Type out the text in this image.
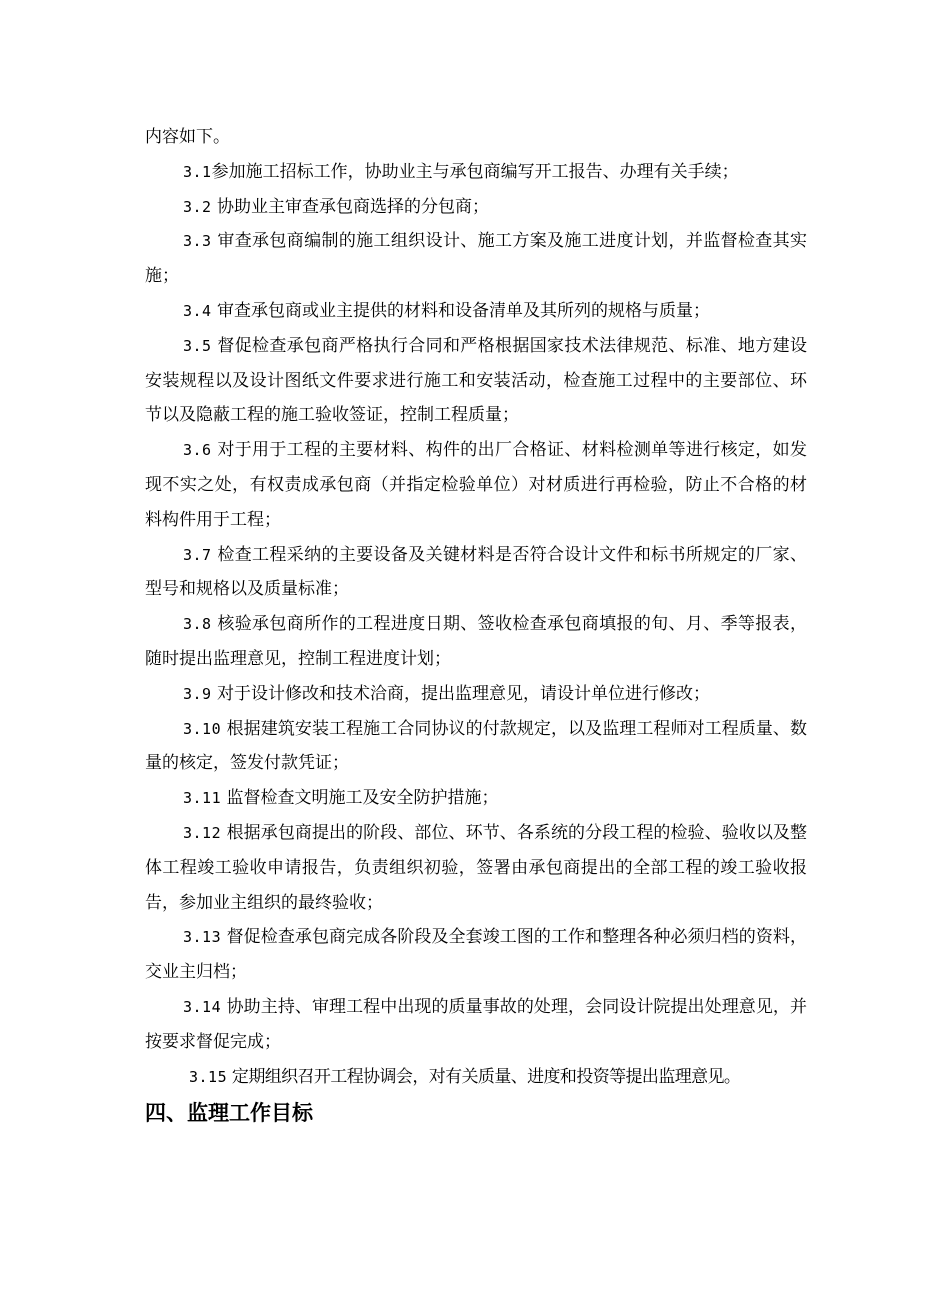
内容如下。

3.1参加施工招标工作，协助业主与承包商编写开工报告、办理有关手续；

3.2 协助业主审查承包商选择的分包商；

3.3 审查承包商编制的施工组织设计、施工方案及施工进度计划，并监督检查其实施；

3.4 审查承包商或业主提供的材料和设备清单及其所列的规格与质量；

3.5 督促检查承包商严格执行合同和严格根据国家技术法律规范、标准、地方建设安装规程以及设计图纸文件要求进行施工和安装活动，检查施工过程中的主要部位、环节以及隐蔽工程的施工验收签证，控制工程质量；

3.6 对于用于工程的主要材料、构件的出厂合格证、材料检测单等进行核定，如发现不实之处，有权责成承包商（并指定检验单位）对材质进行再检验，防止不合格的材料构件用于工程；

3.7 检查工程采纳的主要设备及关键材料是否符合设计文件和标书所规定的厂家、型号和规格以及质量标准；

3.8 核验承包商所作的工程进度日期、签收检查承包商填报的旬、月、季等报表，随时提出监理意见，控制工程进度计划；

3.9 对于设计修改和技术洽商，提出监理意见，请设计单位进行修改；

3.10 根据建筑安装工程施工合同协议的付款规定，以及监理工程师对工程质量、数量的核定，签发付款凭证；

3.11 监督检查文明施工及安全防护措施；

3.12 根据承包商提出的阶段、部位、环节、各系统的分段工程的检验、验收以及整体工程竣工验收申请报告，负责组织初验，签署由承包商提出的全部工程的竣工验收报告，参加业主组织的最终验收；

3.13 督促检查承包商完成各阶段及全套竣工图的工作和整理各种必须归档的资料，交业主归档；

3.14 协助主持、审理工程中出现的质量事故的处理，会同设计院提出处理意见，并按要求督促完成；

3.15 定期组织召开工程协调会，对有关质量、进度和投资等提出监理意见。

四、监理工作目标
